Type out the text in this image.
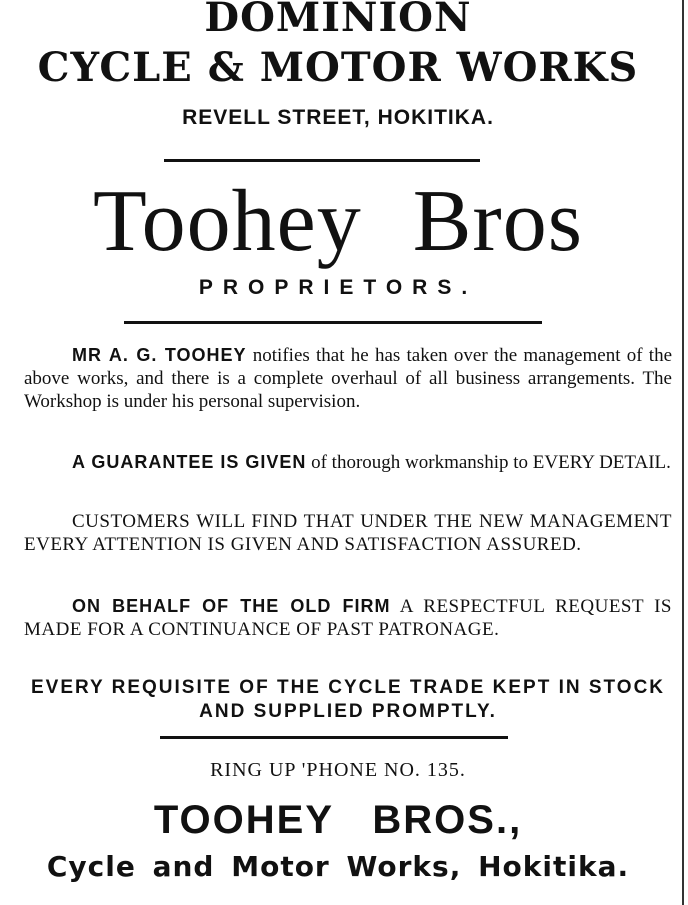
DOMINION
CYCLE & MOTOR WORKS
REVELL STREET, HOKITIKA.
Toohey Bros
PROPRIETORS.

MR A. G. TOOHEY notifies that he has taken over the management of the above works, and there is a complete overhaul of all business arrangements. The Workshop is under his personal supervision.

A GUARANTEE IS GIVEN of thorough workmanship to EVERY DETAIL.

CUSTOMERS WILL FIND THAT UNDER THE NEW MANAGEMENT EVERY ATTENTION IS GIVEN AND SATISFACTION ASSURED.

ON BEHALF OF THE OLD FIRM A RESPECTFUL REQUEST IS MADE FOR A CONTINUANCE OF PAST PATRONAGE.

EVERY REQUISITE OF THE CYCLE TRADE KEPT IN STOCK AND SUPPLIED PROMPTLY.

RING UP 'PHONE NO. 135.
TOOHEY BROS.,
Cycle and Motor Works, Hokitika.
